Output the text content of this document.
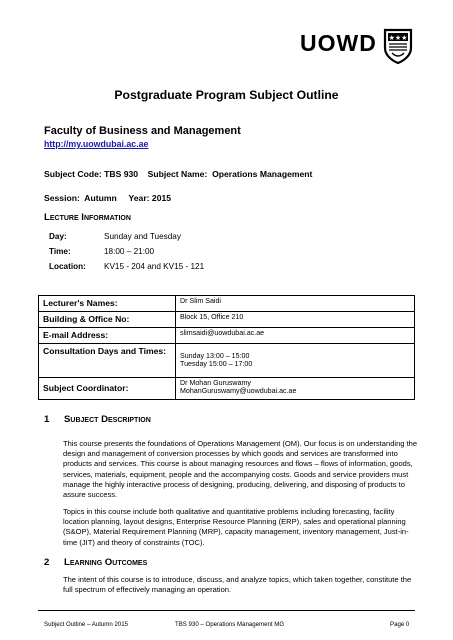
UOWD ★★★
Postgraduate Program Subject Outline
Faculty of Business and Management
http://my.uowdubai.ac.ae
Subject Code: TBS 930    Subject Name:  Operations Management
Session:  Autumn     Year: 2015
Lecture Information
Day:	Sunday and Tuesday
Time:	18:00 – 21:00
Location: KV15 - 204 and KV15 - 121
Lecturer's Names:	Dr Slim Saidi

Building & Office No:	Block 15, Office 210

E-mail Address:	slimsaidi@uowdubai.ac.ae

Consultation Days and Times:	Sunday 13:00 – 15:00
Tuesday 15:00 – 17:00

Subject Coordinator:	Dr Mohan Guruswamy
MohanGuruswamy@uowdubai.ac.ae
1 Subject Description
This course presents the foundations of Operations Management (OM). Our focus is on understanding the design and management of conversion processes by which goods and services are transformed into products and services. This course is about managing resources and flows – flows of information, goods, services, materials, equipment, people and the accompanying costs. Goods and service providers must manage the highly interactive process of designing, producing, delivering, and disposing of products to assure success.
Topics in this course include both qualitative and quantitative problems including forecasting, facility location planning, layout designs, Enterprise Resource Planning (ERP), sales and operational planning (S&OP), Material Requirement Planning (MRP), capacity management, inventory management, Just-in-time (JIT) and theory of constraints (TOC).
2 Learning Outcomes
The intent of this course is to introduce, discuss, and analyze topics, which taken together, constitute the full spectrum of effectively managing an operation.
Subject Outline – Autumn 2015	TBS 930 – Operations Management MG	Page 0
